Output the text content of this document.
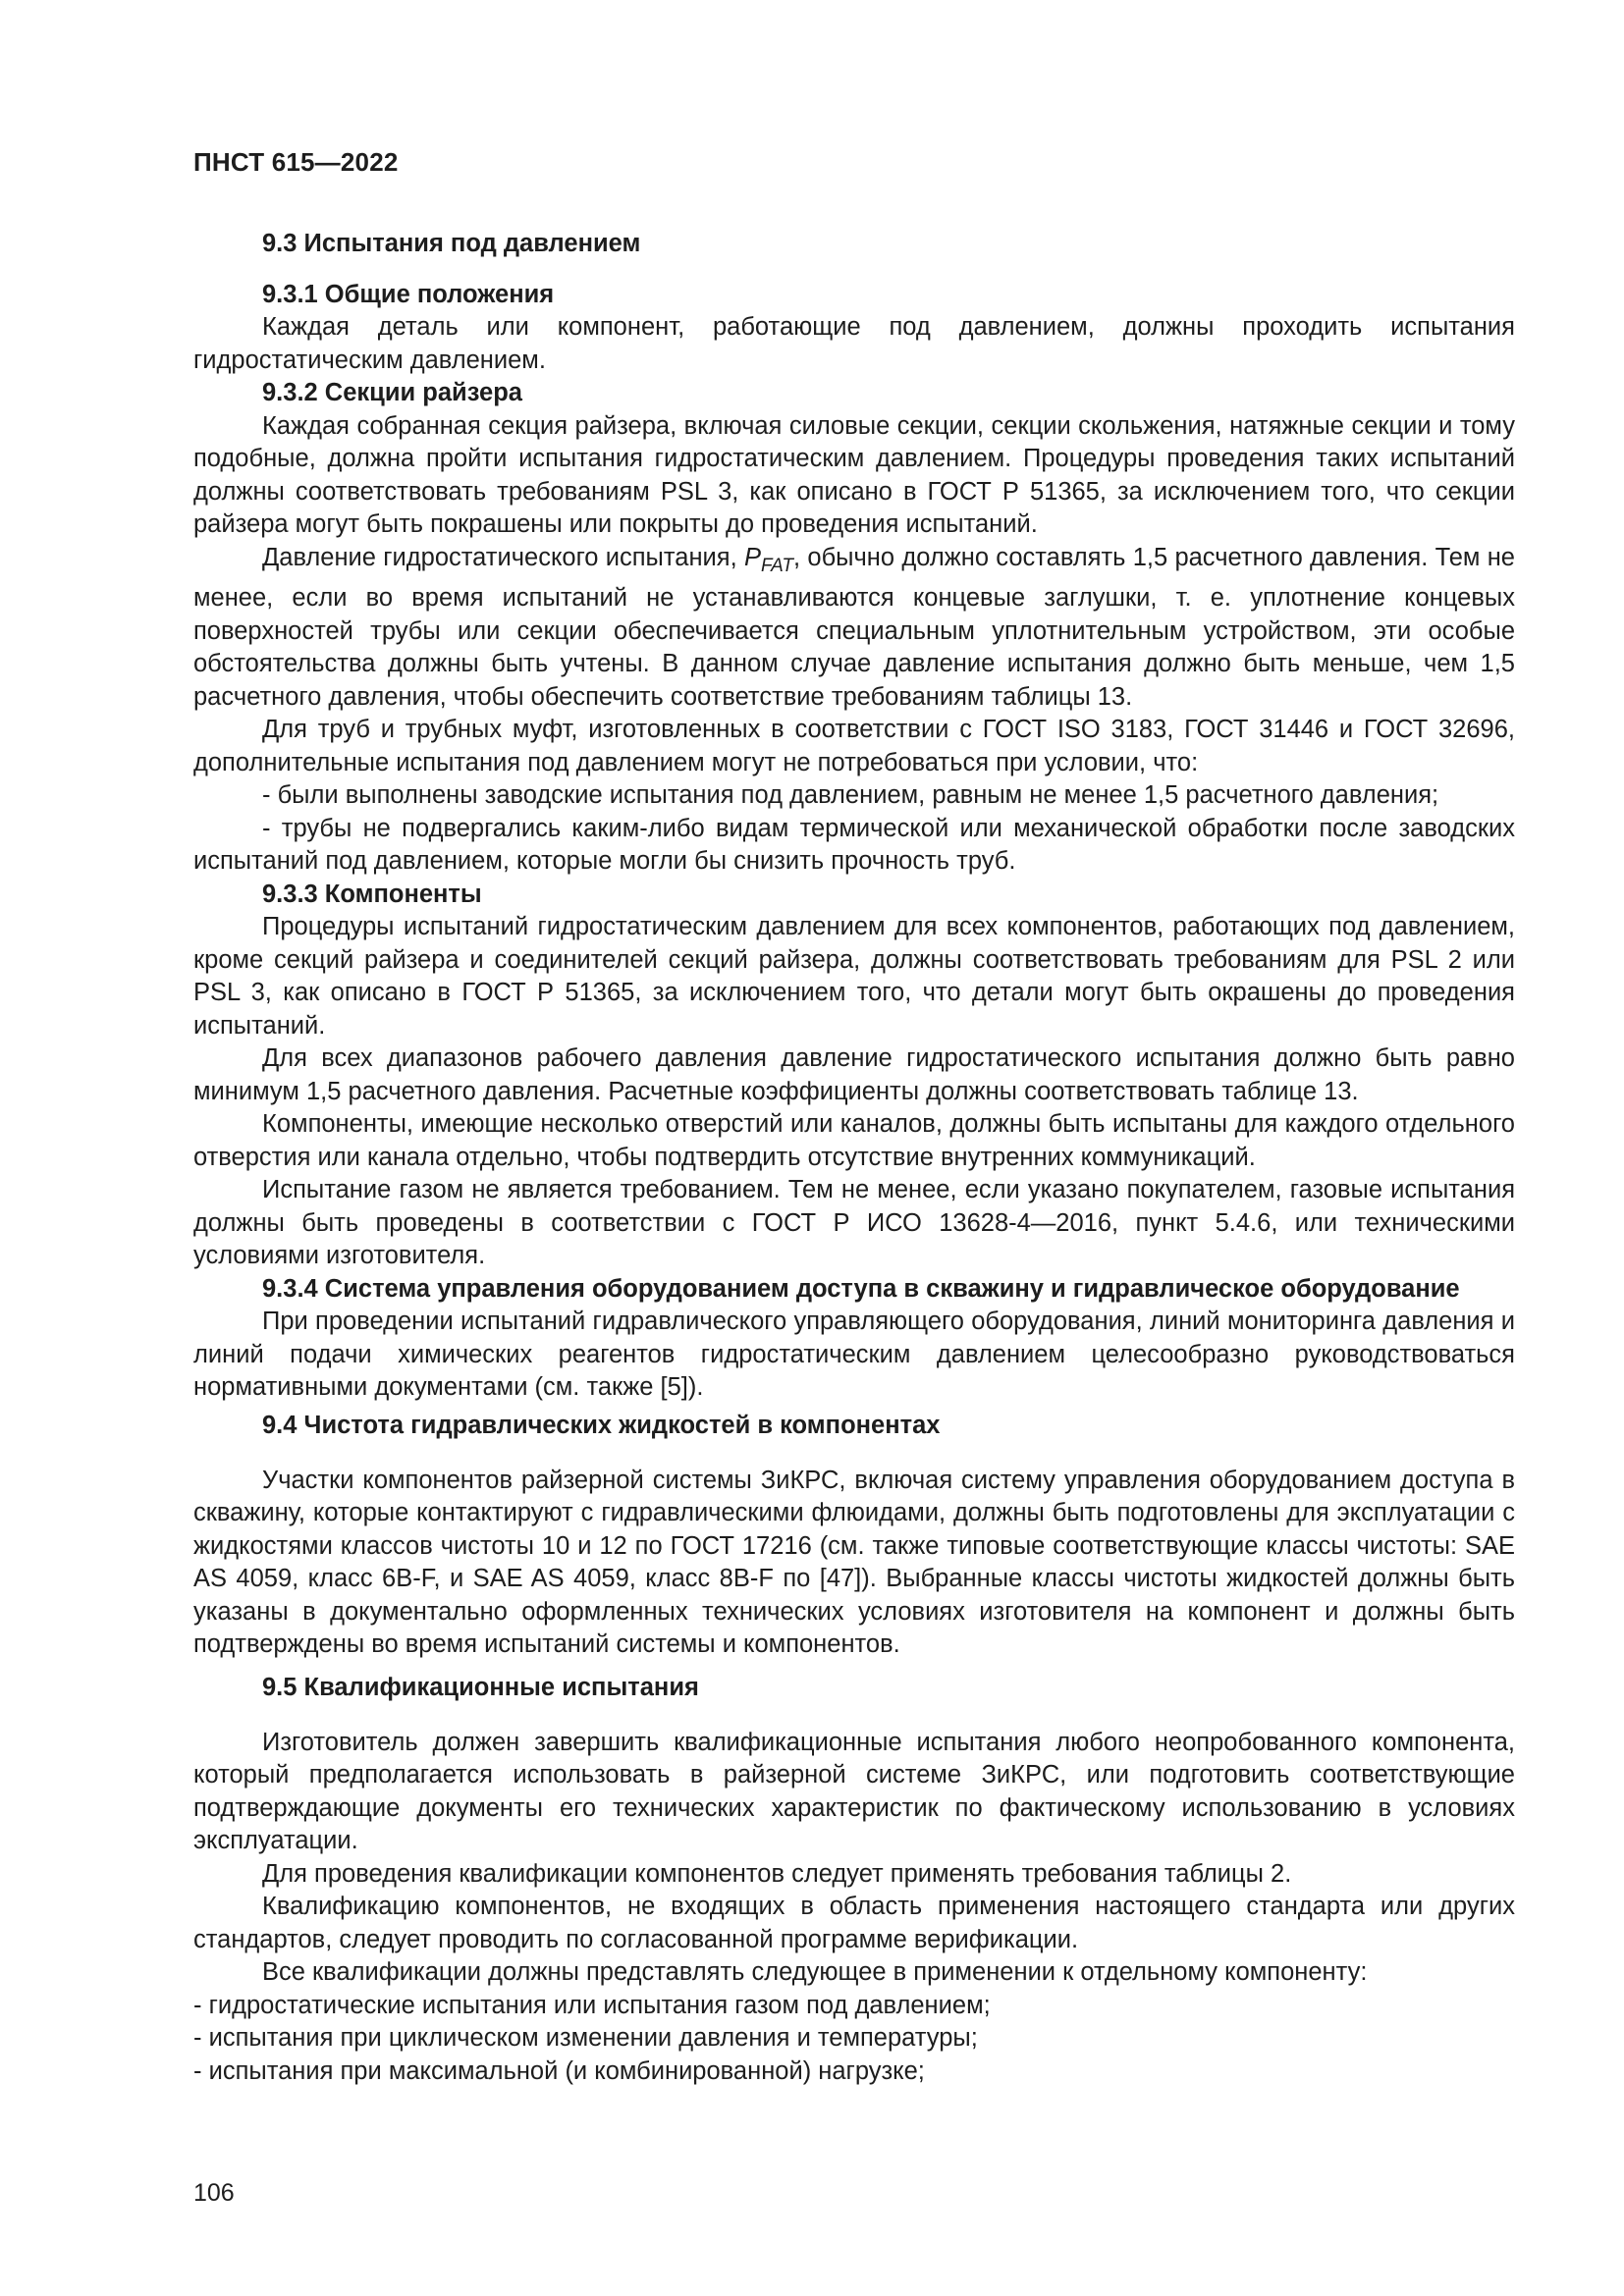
ПНСТ 615—2022
9.3 Испытания под давлением
9.3.1 Общие положения

Каждая деталь или компонент, работающие под давлением, должны проходить испытания гидростатическим давлением.

9.3.2 Секции райзера

Каждая собранная секция райзера, включая силовые секции, секции скольжения, натяжные секции и тому подобные, должна пройти испытания гидростатическим давлением. Процедуры проведения таких испытаний должны соответствовать требованиям PSL 3, как описано в ГОСТ Р 51365, за исключением того, что секции райзера могут быть покрашены или покрыты до проведения испытаний.

Давление гидростатического испытания, $P_{FAT}$, обычно должно составлять 1,5 расчетного давления. Тем не менее, если во время испытаний не устанавливаются концевые заглушки, т. е. уплотнение концевых поверхностей трубы или секции обеспечивается специальным уплотнительным устройством, эти особые обстоятельства должны быть учтены. В данном случае давление испытания должно быть меньше, чем 1,5 расчетного давления, чтобы обеспечить соответствие требованиям таблицы 13.

Для труб и трубных муфт, изготовленных в соответствии с ГОСТ ISO 3183, ГОСТ 31446 и ГОСТ 32696, дополнительные испытания под давлением могут не потребоваться при условии, что:

- были выполнены заводские испытания под давлением, равным не менее 1,5 расчетного давления;

- трубы не подвергались каким-либо видам термической или механической обработки после заводских испытаний под давлением, которые могли бы снизить прочность труб.

9.3.3 Компоненты

Процедуры испытаний гидростатическим давлением для всех компонентов, работающих под давлением, кроме секций райзера и соединителей секций райзера, должны соответствовать требованиям для PSL 2 или PSL 3, как описано в ГОСТ Р 51365, за исключением того, что детали могут быть окрашены до проведения испытаний.

Для всех диапазонов рабочего давления давление гидростатического испытания должно быть равно минимум 1,5 расчетного давления. Расчетные коэффициенты должны соответствовать таблице 13.

Компоненты, имеющие несколько отверстий или каналов, должны быть испытаны для каждого отдельного отверстия или канала отдельно, чтобы подтвердить отсутствие внутренних коммуникаций.

Испытание газом не является требованием. Тем не менее, если указано покупателем, газовые испытания должны быть проведены в соответствии с ГОСТ Р ИСО 13628-4—2016, пункт 5.4.6, или техническими условиями изготовителя.

9.3.4 Система управления оборудованием доступа в скважину и гидравлическое оборудование

При проведении испытаний гидравлического управляющего оборудования, линий мониторинга давления и линий подачи химических реагентов гидростатическим давлением целесообразно руководствоваться нормативными документами (см. также [5]).

9.4 Чистота гидравлических жидкостей в компонентах

Участки компонентов райзерной системы ЗиКРС, включая систему управления оборудованием доступа в скважину, которые контактируют с гидравлическими флюидами, должны быть подготовлены для эксплуатации с жидкостями классов чистоты 10 и 12 по ГОСТ 17216 (см. также типовые соответствующие классы чистоты: SAE AS 4059, класс 6B-F, и SAE AS 4059, класс 8B-F по [47]). Выбранные классы чистоты жидкостей должны быть указаны в документально оформленных технических условиях изготовителя на компонент и должны быть подтверждены во время испытаний системы и компонентов.

9.5 Квалификационные испытания

Изготовитель должен завершить квалификационные испытания любого неопробованного компонента, который предполагается использовать в райзерной системе ЗиКРС, или подготовить соответствующие подтверждающие документы его технических характеристик по фактическому использованию в условиях эксплуатации.

Для проведения квалификации компонентов следует применять требования таблицы 2.

Квалификацию компонентов, не входящих в область применения настоящего стандарта или других стандартов, следует проводить по согласованной программе верификации.

Все квалификации должны представлять следующее в применении к отдельному компоненту:

- гидростатические испытания или испытания газом под давлением;

- испытания при циклическом изменении давления и температуры;

- испытания при максимальной (и комбинированной) нагрузке;

106
